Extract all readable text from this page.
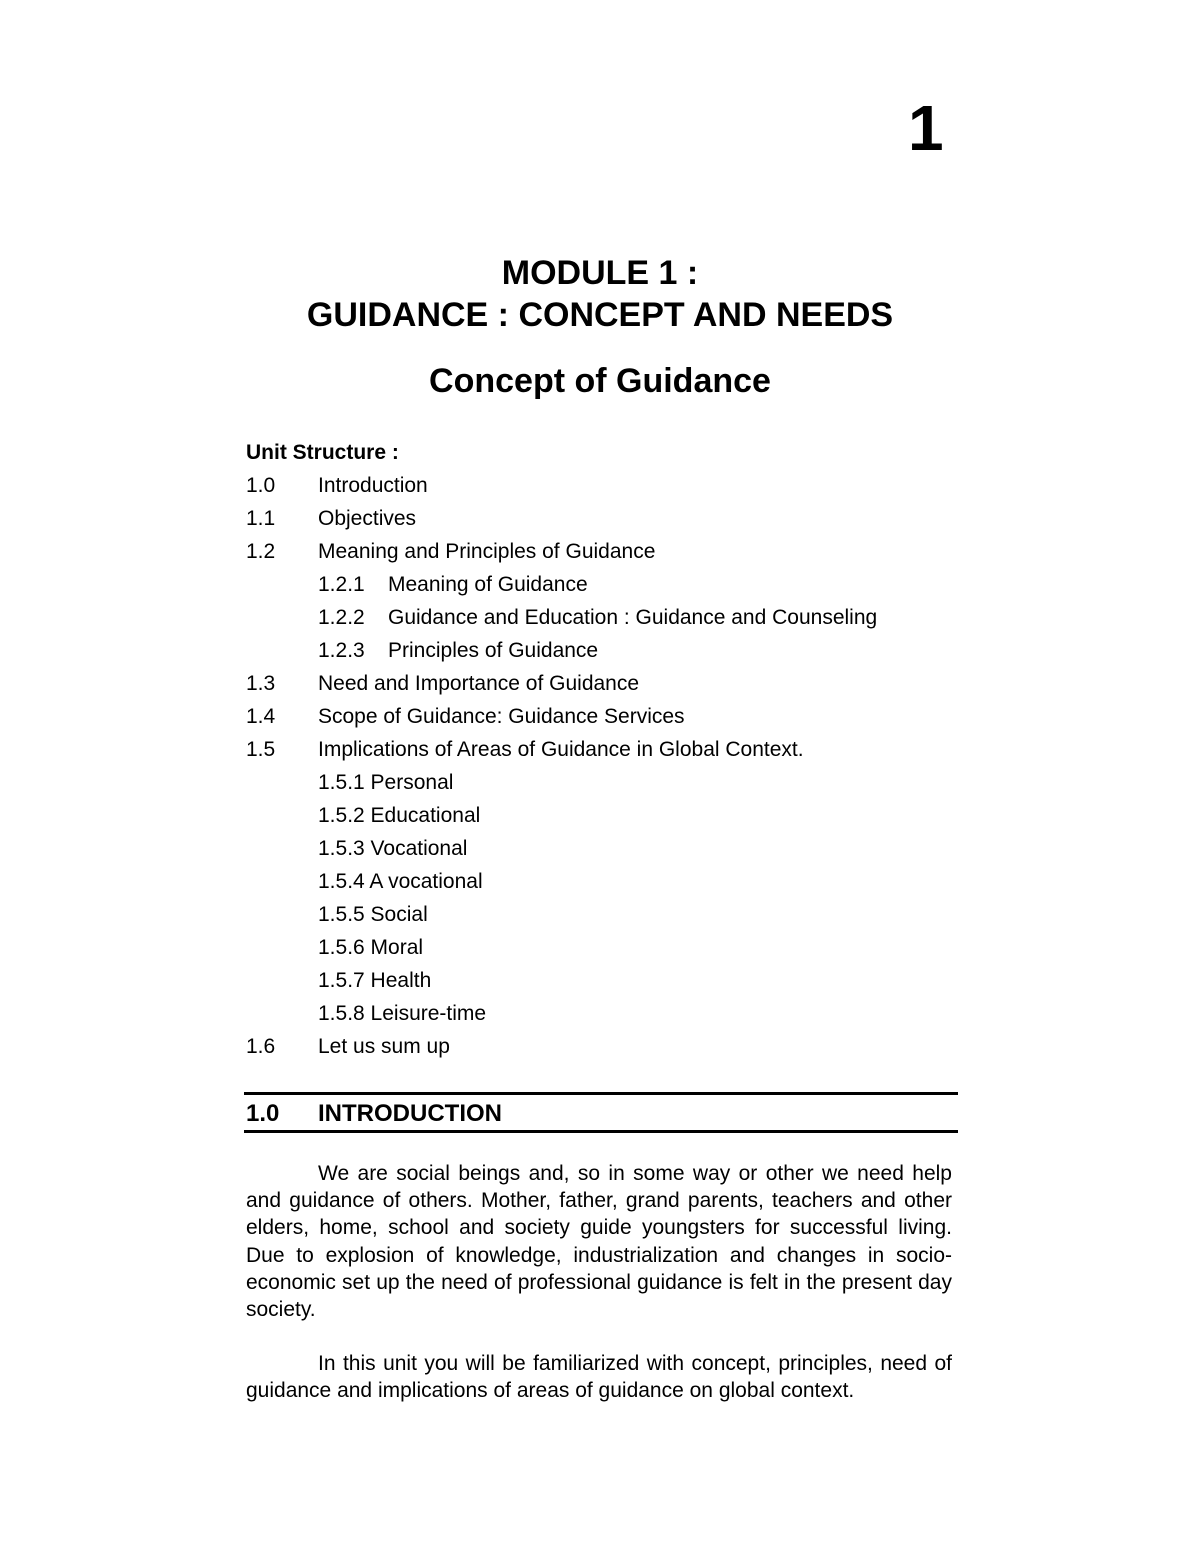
1
MODULE 1 :
GUIDANCE : CONCEPT AND NEEDS
Concept of Guidance
Unit Structure :
1.0 Introduction
1.1 Objectives
1.2 Meaning and Principles of Guidance
1.2.1 Meaning of Guidance
1.2.2 Guidance and Education : Guidance and Counseling
1.2.3 Principles of Guidance
1.3 Need and Importance of Guidance
1.4 Scope of Guidance: Guidance Services
1.5 Implications of Areas of Guidance in Global Context.
1.5.1 Personal
1.5.2 Educational
1.5.3 Vocational
1.5.4 A vocational
1.5.5 Social
1.5.6 Moral
1.5.7 Health
1.5.8 Leisure-time
1.6 Let us sum up
1.0 INTRODUCTION

We are social beings and, so in some way or other we need help and guidance of others. Mother, father, grand parents, teachers and other elders, home, school and society guide youngsters for successful living. Due to explosion of knowledge, industrialization and changes in socio-economic set up the need of professional guidance is felt in the present day society.

In this unit you will be familiarized with concept, principles, need of guidance and implications of areas of guidance on global context.
